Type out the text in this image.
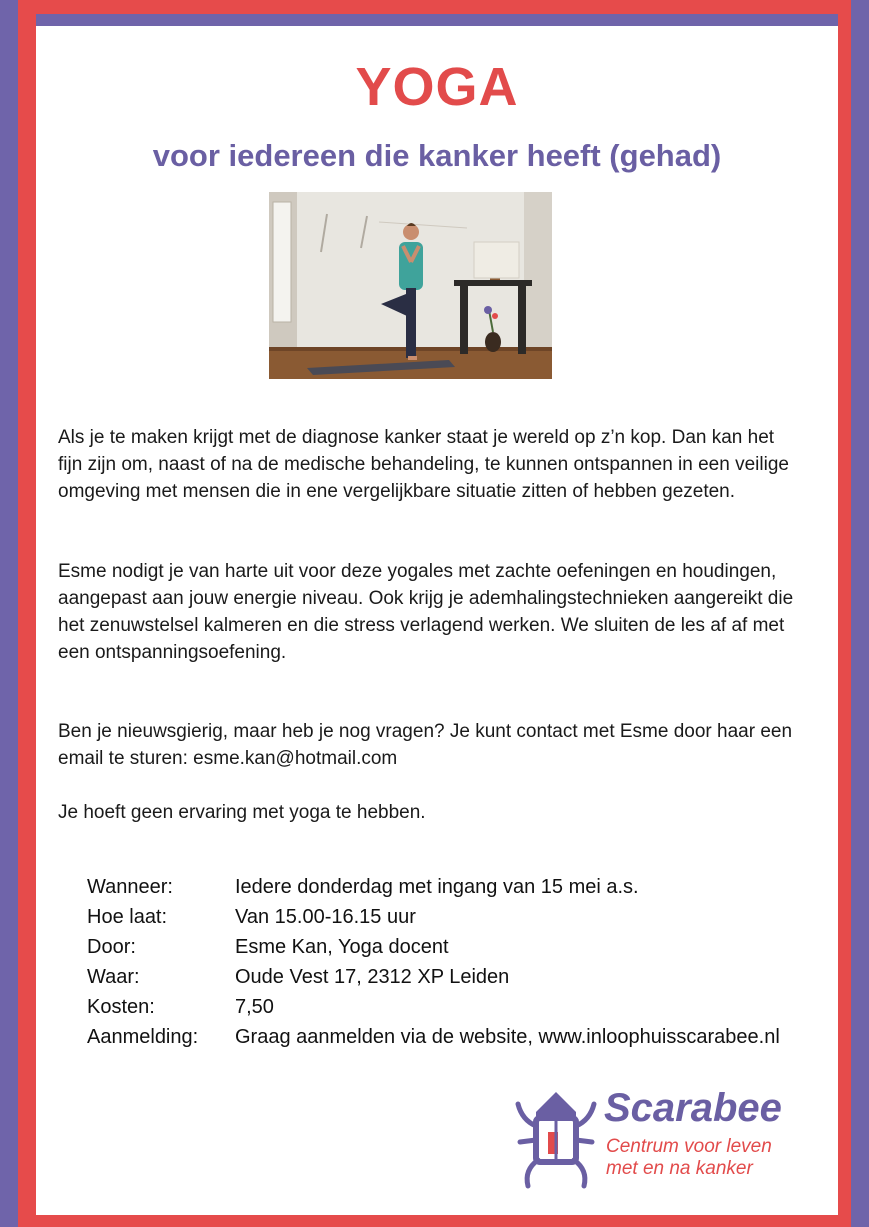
YOGA
voor iedereen die kanker heeft (gehad)
Als je te maken krijgt met de diagnose kanker staat je wereld op z’n kop. Dan kan het fijn zijn om, naast of na de medische behandeling, te kunnen ontspannen in een veilige omgeving met mensen die in ene vergelijkbare situatie zitten of hebben gezeten.
Esme nodigt je van harte uit voor deze yogales met zachte oefeningen en houdingen, aangepast aan jouw energie niveau. Ook krijg je ademhalingstechnieken aangereikt die het zenuwstelsel kalmeren en die stress verlagend werken. We sluiten de les af af met een ontspanningsoefening.
Ben je nieuwsgierig, maar heb je nog vragen? Je kunt contact met Esme door haar een email te sturen: esme.kan@hotmail.com
Je hoeft geen ervaring met yoga te hebben.
Wanneer:	Iedere donderdag met ingang van 15 mei a.s.
Hoe laat:	Van 15.00-16.15 uur
Door:	Esme Kan, Yoga docent
Waar:	Oude Vest 17, 2312 XP Leiden
Kosten:	7,50
Aanmelding: Graag aanmelden via de website, www.inloophuisscarabee.nl
Scarabee
Centrum voor leven
met en na kanker
